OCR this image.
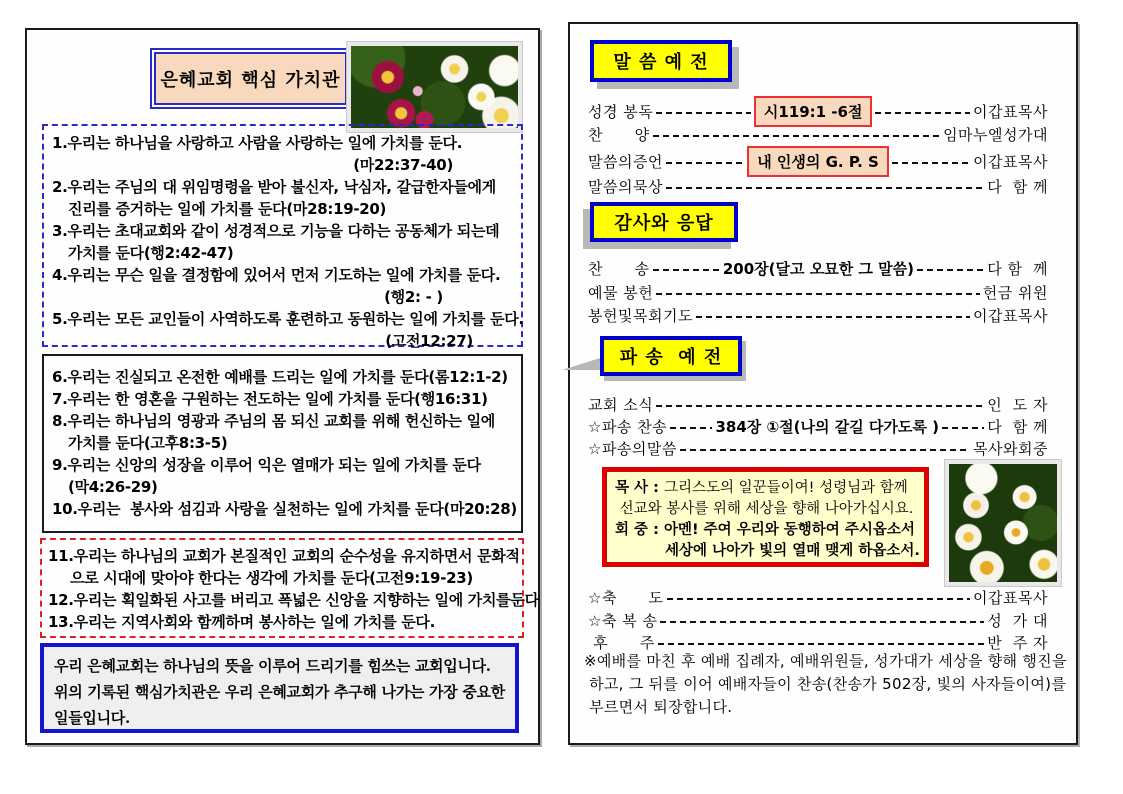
은혜교회 핵심 가치관
1.우리는 하나님을 사랑하고 사람을 사랑하는 일에 가치를 둔다.
(마22:37-40)
2.우리는 주님의 대 위임명령을 받아 불신자, 낙심자, 갈급한자들에게
진리를 증거하는 일에 가치를 둔다(마28:19-20)
3.우리는 초대교회와 같이 성경적으로 기능을 다하는 공동체가 되는데
가치를 둔다(행2:42-47)
4.우리는 무슨 일을 결정함에 있어서 먼저 기도하는 일에 가치를 둔다.
(행2: - )
5.우리는 모든 교인들이 사역하도록 훈련하고 동원하는 일에 가치를 둔다.
(고전12:27)
6.우리는 진실되고 온전한 예배를 드리는 일에 가치를 둔다(롬12:1-2)
7.우리는 한 영혼을 구원하는 전도하는 일에 가치를 둔다(행16:31)
8.우리는 하나님의 영광과 주님의 몸 되신 교회를 위해 헌신하는 일에
가치를 둔다(고후8:3-5)
9.우리는 신앙의 성장을 이루어 익은 열매가 되는 일에 가치를 둔다
(막4:26-29)
10.우리는  봉사와 섬김과 사랑을 실천하는 일에 가치를 둔다(마20:28)
11.우리는 하나님의 교회가 본질적인 교회의 순수성을 유지하면서 문화적
으로 시대에 맞아야 한다는 생각에 가치를 둔다(고전9:19-23)
12.우리는 획일화된 사고를 버리고 폭넓은 신앙을 지향하는 일에 가치를둔다
13.우리는 지역사회와 함께하며 봉사하는 일에 가치를 둔다.
우리 은혜교회는 하나님의 뜻을 이루어 드리기를 힘쓰는 교회입니다.
위의 기록된 핵심가치관은 우리 은혜교회가 추구해 나가는 가장 중요한
일들입니다.
말 씀 예 전
성경 봉독	시119:1 -6절	이갑표목사
찬      양	임마누엘성가대
말씀의증언	내 인생의 G. P. S	이갑표목사
말씀의묵상	다  함 께
감사와 응답
찬      송	200장(달고 오묘한 그 말씀)	다 함  께
예물 봉헌	헌금 위원
봉헌및목회기도	이갑표목사
파 송  예 전
교회 소식	인  도 자
☆파송 찬송	384장 ①절(나의 갈길 다가도록 )	다  함 께
☆파송의말씀	목사와회중
목 사 : 그리스도의 일꾼들이여! 성령님과 함께
선교와 봉사를 위해 세상을 향해 나아가십시요.
회 중 : 아멘! 주여 우리와 동행하여 주시옵소서
세상에 나아가 빛의 열매 맺게 하옵소서.
☆축      도	이갑표목사
☆축 복 송	성  가 대
후      주	반  주 자
※예배를 마친 후 예배 집례자, 예배위원들, 성가대가 세상을 향해 행진을
하고, 그 뒤를 이어 예배자들이 찬송(찬송가 502장, 빛의 사자들이여)를
부르면서 퇴장합니다.
